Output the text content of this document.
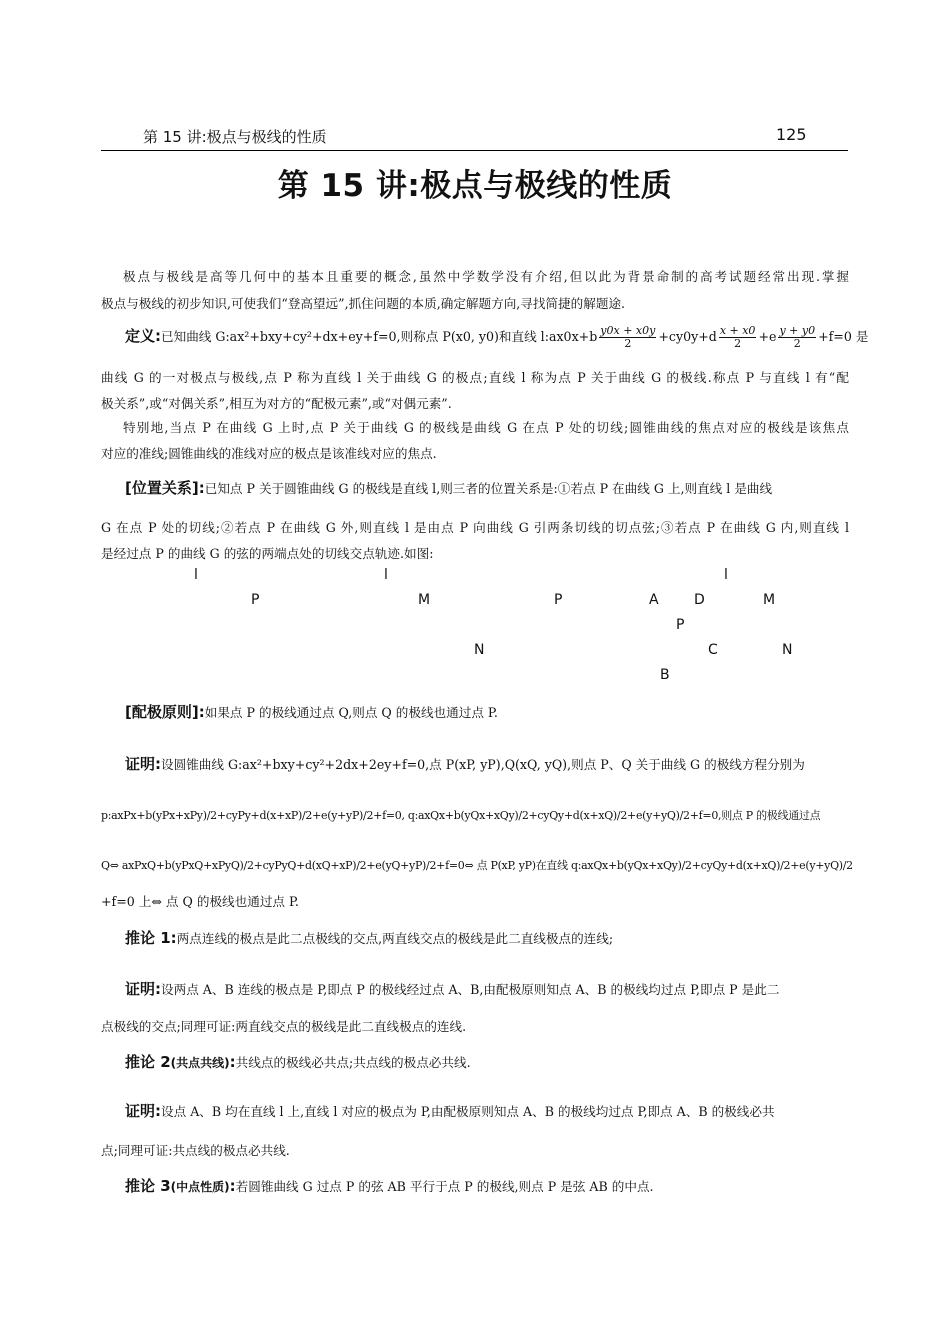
第 15 讲:极点与极线的性质	125
第 15 讲:极点与极线的性质
极点与极线是高等几何中的基本且重要的概念,虽然中学数学没有介绍,但以此为背景命制的高考试题经常出现.掌握
极点与极线的初步知识,可使我们“登高望远”,抓住问题的本质,确定解题方向,寻找简捷的解题途.
定义:已知曲线 G:ax²+bxy+cy²+dx+ey+f=0,则称点 P(x0, y0)和直线 l:ax0x+b $\frac{y0x + x0y}{2} +cy0y+d \frac{x + x0}{2} +e \frac{y + y0}{2} +f=0$ 是
曲线 G 的一对极点与极线,点 P 称为直线 l 关于曲线 G 的极点;直线 l 称为点 P 关于曲线 G 的极线.称点 P 与直线 l 有“配
极关系”,或“对偶关系”,相互为对方的“配极元素”,或“对偶元素”.
特别地,当点 P 在曲线 G 上时,点 P 关于曲线 G 的极线是曲线 G 在点 P 处的切线;圆锥曲线的焦点对应的极线是该焦点
对应的准线;圆锥曲线的准线对应的极点是该准线对应的焦点.
[位置关系]:已知点 P 关于圆锥曲线 G 的极线是直线 l,则三者的位置关系是:①若点 P 在曲线 G 上,则直线 l 是曲线
G 在点 P 处的切线;②若点 P 在曲线 G 外,则直线 l 是由点 P 向曲线 G 引两条切线的切点弦;③若点 P 在曲线 G 内,则直线 l
是经过点 P 的曲线 G 的弦的两端点处的切线交点轨迹.如图:
l	l	l
P	M	P	A	D	M
P
N	C	N
B
[配极原则]:如果点 P 的极线通过点 Q,则点 Q 的极线也通过点 P.
证明:设圆锥曲线 G:ax²+bxy+cy²+2dx+2ey+f=0,点 P(xP, yP),Q(xQ, yQ),则点 P、Q 关于曲线 G 的极线方程分别为
p:axPx+b(yPx+xPy)/2+cyPy+d(x+xP)/2+e(y+yP)/2+f=0, q:axQx+b(yQx+xQy)/2+cyQy+d(x+xQ)/2+e(y+yQ)/2+f=0,则点 P 的极线通过点
Q⇔ axPxQ+b(yPxQ+xPyQ)/2+cyPyQ+d(xQ+xP)/2+e(yQ+yP)/2+f=0⇔ 点 P(xP, yP)在直线 q:axQx+b(yQx+xQy)/2+cyQy+d(x+xQ)/2+e(y+yQ)/2
+f=0 上⇔ 点 Q 的极线也通过点 P.
推论 1:两点连线的极点是此二点极线的交点,两直线交点的极线是此二直线极点的连线;
证明:设两点 A、B 连线的极点是 P,即点 P 的极线经过点 A、B,由配极原则知点 A、B 的极线均过点 P,即点 P 是此二
点极线的交点;同理可证:两直线交点的极线是此二直线极点的连线.
推论 2(共点共线):共线点的极线必共点;共点线的极点必共线.
证明:设点 A、B 均在直线 l 上,直线 l 对应的极点为 P,由配极原则知点 A、B 的极线均过点 P,即点 A、B 的极线必共
点;同理可证:共点线的极点必共线.
推论 3(中点性质):若圆锥曲线 G 过点 P 的弦 AB 平行于点 P 的极线,则点 P 是弦 AB 的中点.
